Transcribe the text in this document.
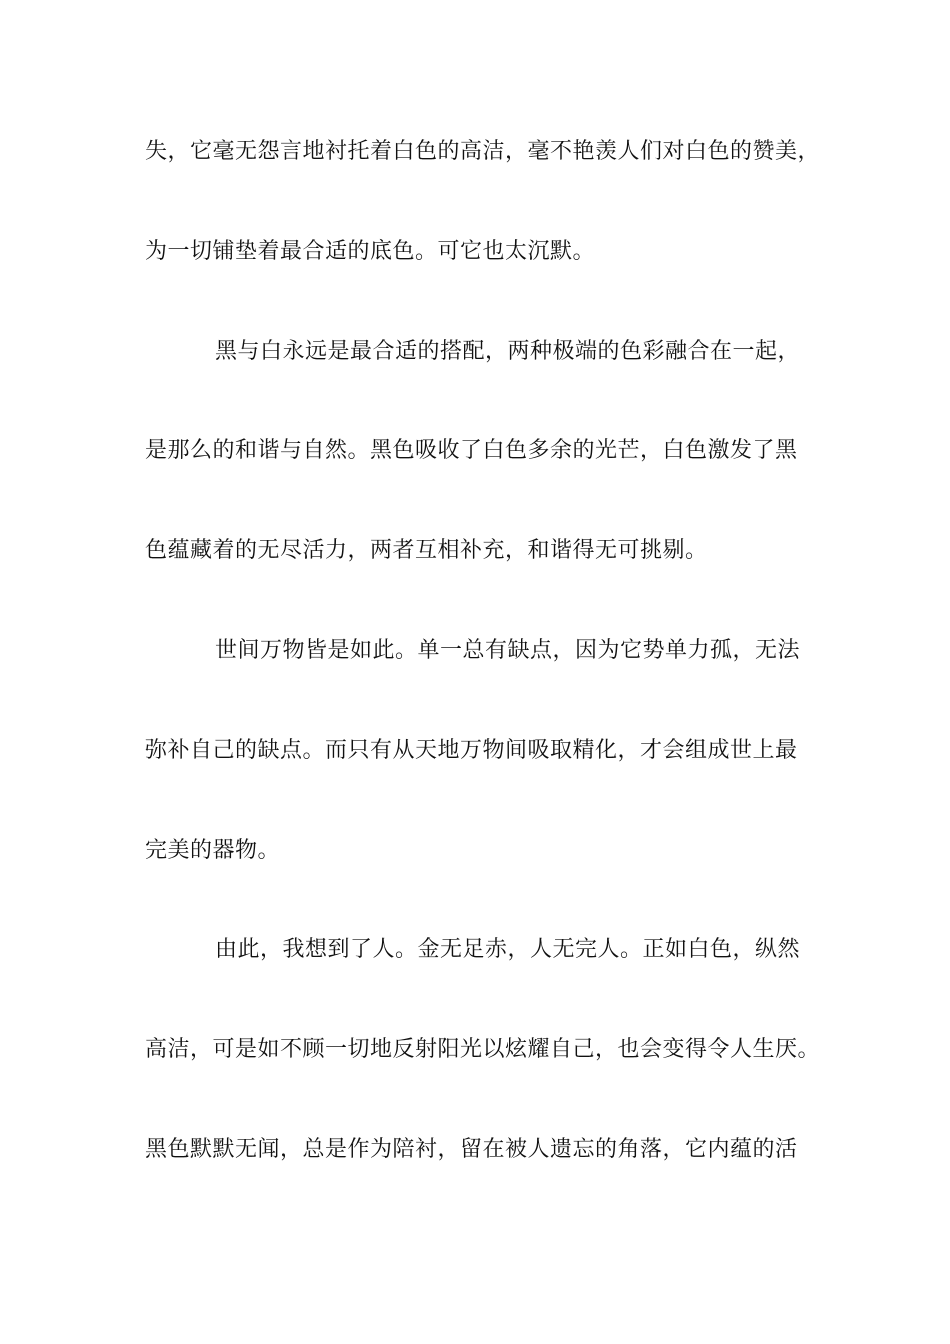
失，它毫无怨言地衬托着白色的高洁，毫不艳羡人们对白色的赞美，
为一切铺垫着最合适的底色。可它也太沉默。
黑与白永远是最合适的搭配，两种极端的色彩融合在一起，
是那么的和谐与自然。黑色吸收了白色多余的光芒，白色激发了黑
色蕴藏着的无尽活力，两者互相补充，和谐得无可挑剔。
世间万物皆是如此。单一总有缺点，因为它势单力孤，无法
弥补自己的缺点。而只有从天地万物间吸取精化，才会组成世上最
完美的器物。
由此，我想到了人。金无足赤，人无完人。正如白色，纵然
高洁，可是如不顾一切地反射阳光以炫耀自己，也会变得令人生厌。
黑色默默无闻，总是作为陪衬，留在被人遗忘的角落，它内蕴的活
